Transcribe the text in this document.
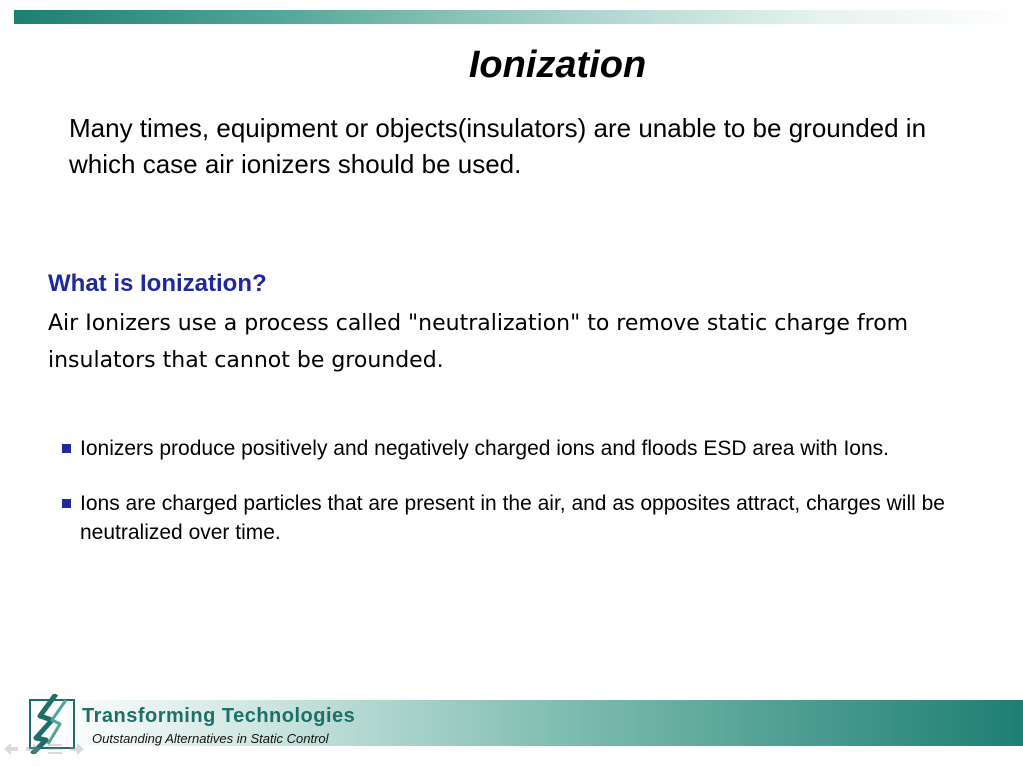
Ionization
Many times, equipment or objects(insulators) are unable to be grounded in which case air ionizers should be used.
What is Ionization?
Air Ionizers use a process called "neutralization" to remove static charge from insulators that cannot be grounded.
Ionizers produce positively and negatively charged ions and floods ESD area with Ions.
Ions are charged particles that are present in the air, and as opposites attract, charges will be neutralized over time.
Transforming Technologies
Outstanding Alternatives in Static Control
